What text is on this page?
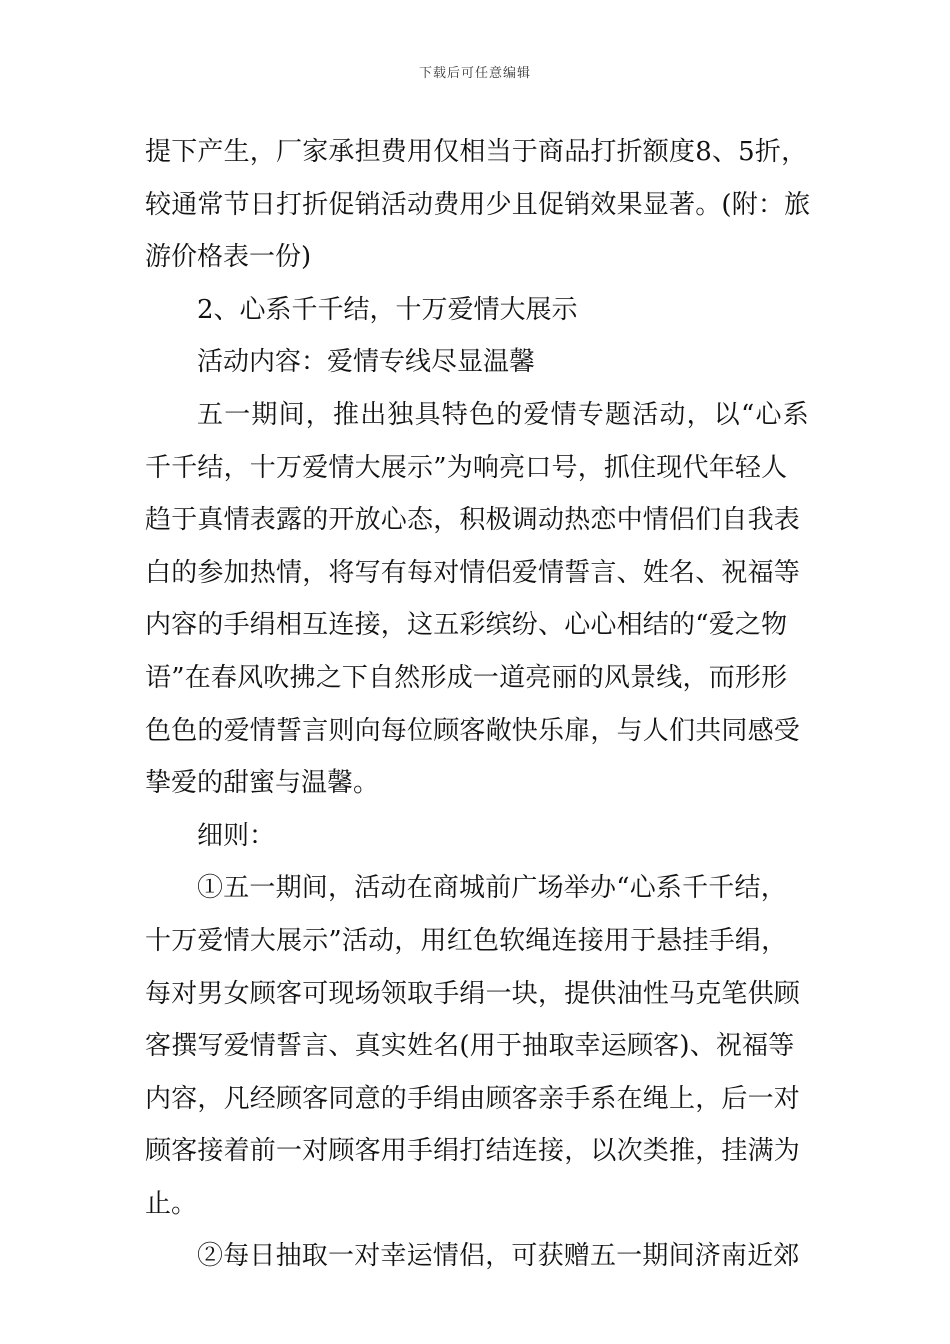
下载后可任意编辑
提下产生，厂家承担费用仅相当于商品打折额度8、5折，
较通常节日打折促销活动费用少且促销效果显著。(附：旅
游价格表一份)
2、心系千千结，十万爱情大展示
活动内容：爱情专线尽显温馨
五一期间，推出独具特色的爱情专题活动，以“心系
千千结，十万爱情大展示”为响亮口号，抓住现代年轻人
趋于真情表露的开放心态，积极调动热恋中情侣们自我表
白的参加热情，将写有每对情侣爱情誓言、姓名、祝福等
内容的手绢相互连接，这五彩缤纷、心心相结的“爱之物
语”在春风吹拂之下自然形成一道亮丽的风景线，而形形
色色的爱情誓言则向每位顾客敞快乐扉，与人们共同感受
挚爱的甜蜜与温馨。
细则：
①五一期间，活动在商城前广场举办“心系千千结，
十万爱情大展示”活动，用红色软绳连接用于悬挂手绢，
每对男女顾客可现场领取手绢一块，提供油性马克笔供顾
客撰写爱情誓言、真实姓名(用于抽取幸运顾客)、祝福等
内容，凡经顾客同意的手绢由顾客亲手系在绳上，后一对
顾客接着前一对顾客用手绢打结连接，以次类推，挂满为
止。
②每日抽取一对幸运情侣，可获赠五一期间济南近郊
